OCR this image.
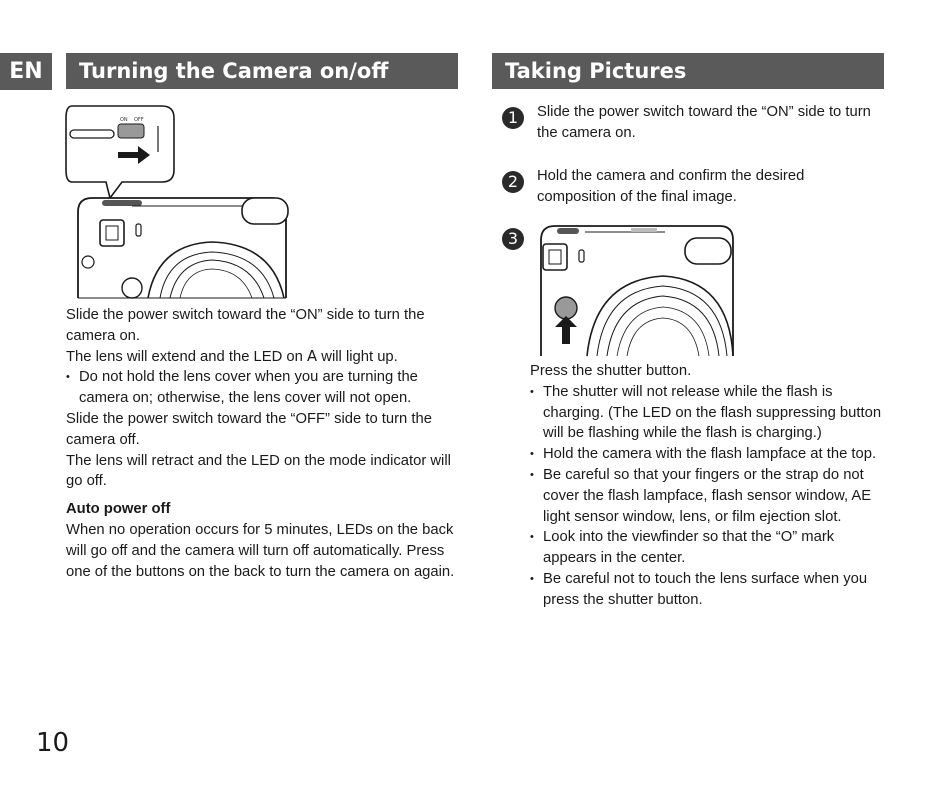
EN	Turning the Camera on/off	Taking Pictures
ON OFF
Slide the power switch toward the “ON” side to turn the camera on.
The lens will extend and the LED on A will light up.
• Do not hold the lens cover when you are turning the camera on; otherwise, the lens cover will not open.
Slide the power switch toward the “OFF” side to turn the camera off.
The lens will retract and the LED on the mode indicator will go off.
Auto power off
When no operation occurs for 5 minutes, LEDs on the back will go off and the camera will turn off automatically. Press one of the buttons on the back to turn the camera on again.
1	Slide the power switch toward the “ON” side to turn the camera on.
2	Hold the camera and confirm the desired composition of the final image.
3
Press the shutter button.
• The shutter will not release while the flash is charging. (The LED on the flash suppressing button will be flashing while the flash is charging.)
• Hold the camera with the flash lampface at the top.
• Be careful so that your fingers or the strap do not cover the flash lampface, flash sensor window, AE light sensor window, lens, or film ejection slot.
• Look into the viewfinder so that the “O” mark appears in the center.
• Be careful not to touch the lens surface when you press the shutter button.
10
